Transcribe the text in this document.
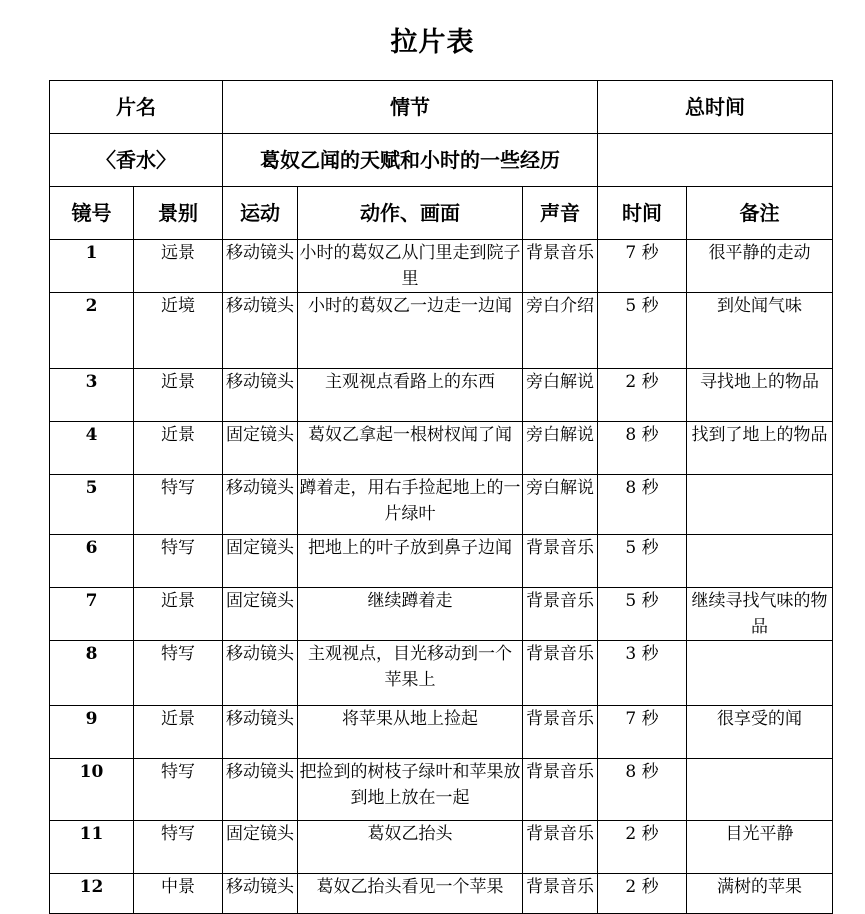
拉片表
片名		情节			总时间	
〈香水〉		葛奴乙闻的天赋和小时的一些经历				
镜号	景别	运动	动作、画面	声音	时间	备注

1	远景	移动镜头	小时的葛奴乙从门里走到院子里	背景音乐	7 秒	很平静的走动

2	近境	移动镜头	小时的葛奴乙一边走一边闻	旁白介绍	5 秒	到处闻气味

3	近景	移动镜头	主观视点看路上的东西	旁白解说	2 秒	寻找地上的物品

4	近景	固定镜头	葛奴乙拿起一根树杈闻了闻	旁白解说	8 秒	找到了地上的物品

5	特写	移动镜头	蹲着走，用右手捡起地上的一片绿叶	旁白解说	8 秒	

6	特写	固定镜头	把地上的叶子放到鼻子边闻	背景音乐	5 秒	

7	近景	固定镜头	继续蹲着走	背景音乐	5 秒	继续寻找气味的物品

8	特写	移动镜头	主观视点，目光移动到一个 苹果上	背景音乐	3 秒	

9	近景	移动镜头	将苹果从地上捡起	背景音乐	7 秒	很享受的闻

10	特写	移动镜头	把捡到的树枝子绿叶和苹果放到地上放在一起	背景音乐	8 秒	

11	特写	固定镜头	葛奴乙抬头	背景音乐	2 秒	目光平静

12	中景	移动镜头	葛奴乙抬头看见一个苹果	背景音乐	2 秒	满树的苹果
